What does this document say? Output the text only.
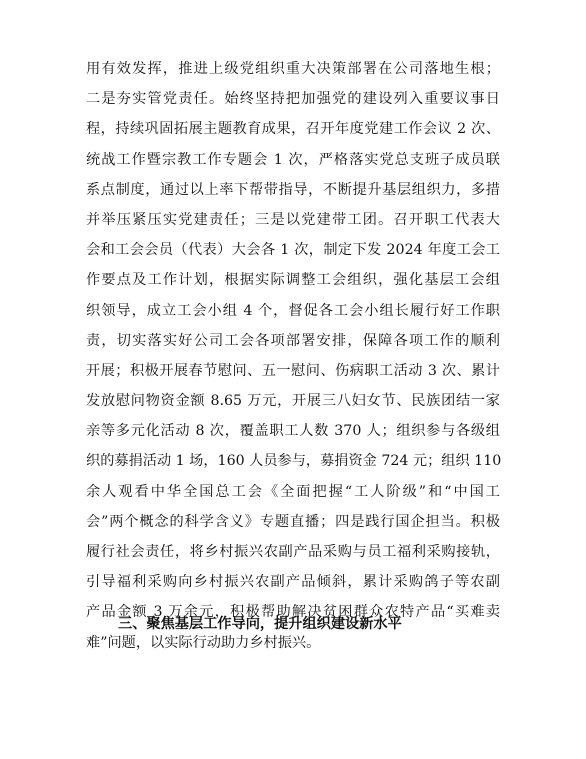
用有效发挥，推进上级党组织重大决策部署在公司落地生根；
二是夯实管党责任。始终坚持把加强党的建设列入重要议事日
程，持续巩固拓展主题教育成果，召开年度党建工作会议 2 次、
统战工作暨宗教工作专题会 1 次，严格落实党总支班子成员联
系点制度，通过以上率下帮带指导，不断提升基层组织力，多措
并举压紧压实党建责任；三是以党建带工团。召开职工代表大
会和工会会员（代表）大会各 1 次，制定下发 2024 年度工会工
作要点及工作计划，根据实际调整工会组织，强化基层工会组
织领导，成立工会小组 4 个，督促各工会小组长履行好工作职
责，切实落实好公司工会各项部署安排，保障各项工作的顺利
开展；积极开展春节慰问、五一慰问、伤病职工活动 3 次、累计
发放慰问物资金额 8.65 万元，开展三八妇女节、民族团结一家
亲等多元化活动 8 次，覆盖职工人数 370 人；组织参与各级组
织的募捐活动 1 场，160 人员参与，募捐资金 724 元；组织 110
余人观看中华全国总工会《全面把握“工人阶级”和“中国工
会”两个概念的科学含义》专题直播；四是践行国企担当。积极
履行社会责任，将乡村振兴农副产品采购与员工福利采购接轨，
引导福利采购向乡村振兴农副产品倾斜，累计采购鸽子等农副
产品金额 3 万余元，积极帮助解决贫困群众农特产品“买难卖
难”问题，以实际行动助力乡村振兴。
三、聚焦基层工作导向，提升组织建设新水平
